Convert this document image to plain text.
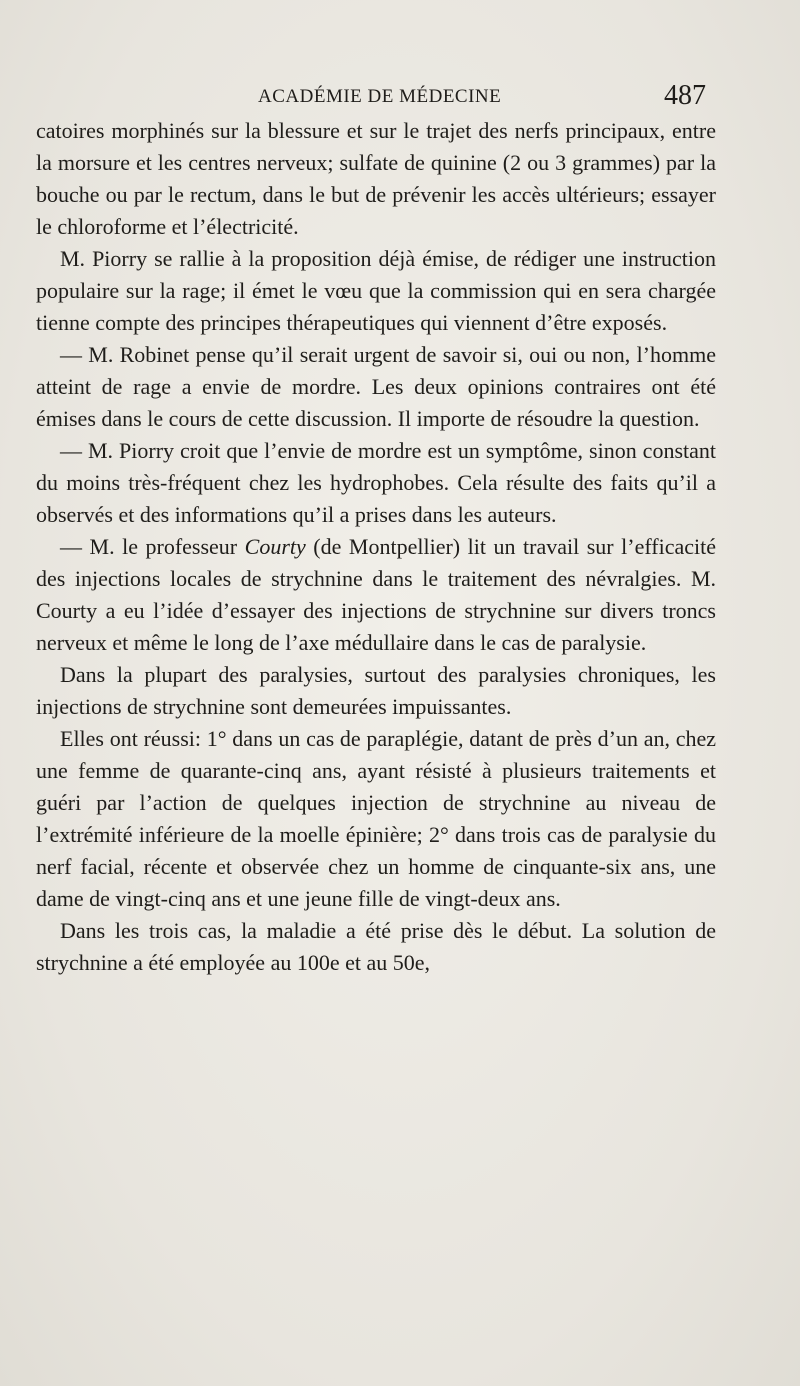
ACADÉMIE DE MÉDECINE	487

catoires morphinés sur la blessure et sur le trajet des nerfs principaux, entre la morsure et les centres nerveux; sulfate de quinine (2 ou 3 grammes) par la bouche ou par le rectum, dans le but de prévenir les accès ultérieurs; essayer le chloroforme et l’électricité.

M. Piorry se rallie à la proposition déjà émise, de rédiger une instruction populaire sur la rage; il émet le vœu que la commission qui en sera chargée tienne compte des principes thérapeutiques qui viennent d’être exposés.

— M. Robinet pense qu’il serait urgent de savoir si, oui ou non, l’homme atteint de rage a envie de mordre. Les deux opinions contraires ont été émises dans le cours de cette discussion. Il importe de résoudre la question.

— M. Piorry croit que l’envie de mordre est un symptôme, sinon constant du moins très-fréquent chez les hydrophobes. Cela résulte des faits qu’il a observés et des informations qu’il a prises dans les auteurs.

— M. le professeur Courty (de Montpellier) lit un travail sur l’efficacité des injections locales de strychnine dans le traitement des névralgies. M. Courty a eu l’idée d’essayer des injections de strychnine sur divers troncs nerveux et même le long de l’axe médullaire dans le cas de paralysie.

Dans la plupart des paralysies, surtout des paralysies chroniques, les injections de strychnine sont demeurées impuissantes.

Elles ont réussi: 1° dans un cas de paraplégie, datant de près d’un an, chez une femme de quarante-cinq ans, ayant résisté à plusieurs traitements et guéri par l’action de quelques injection de strychnine au niveau de l’extrémité inférieure de la moelle épinière; 2° dans trois cas de paralysie du nerf facial, récente et observée chez un homme de cinquante-six ans, une dame de vingt-cinq ans et une jeune fille de vingt-deux ans.

Dans les trois cas, la maladie a été prise dès le début. La solution de strychnine a été employée au 100e et au 50e,
